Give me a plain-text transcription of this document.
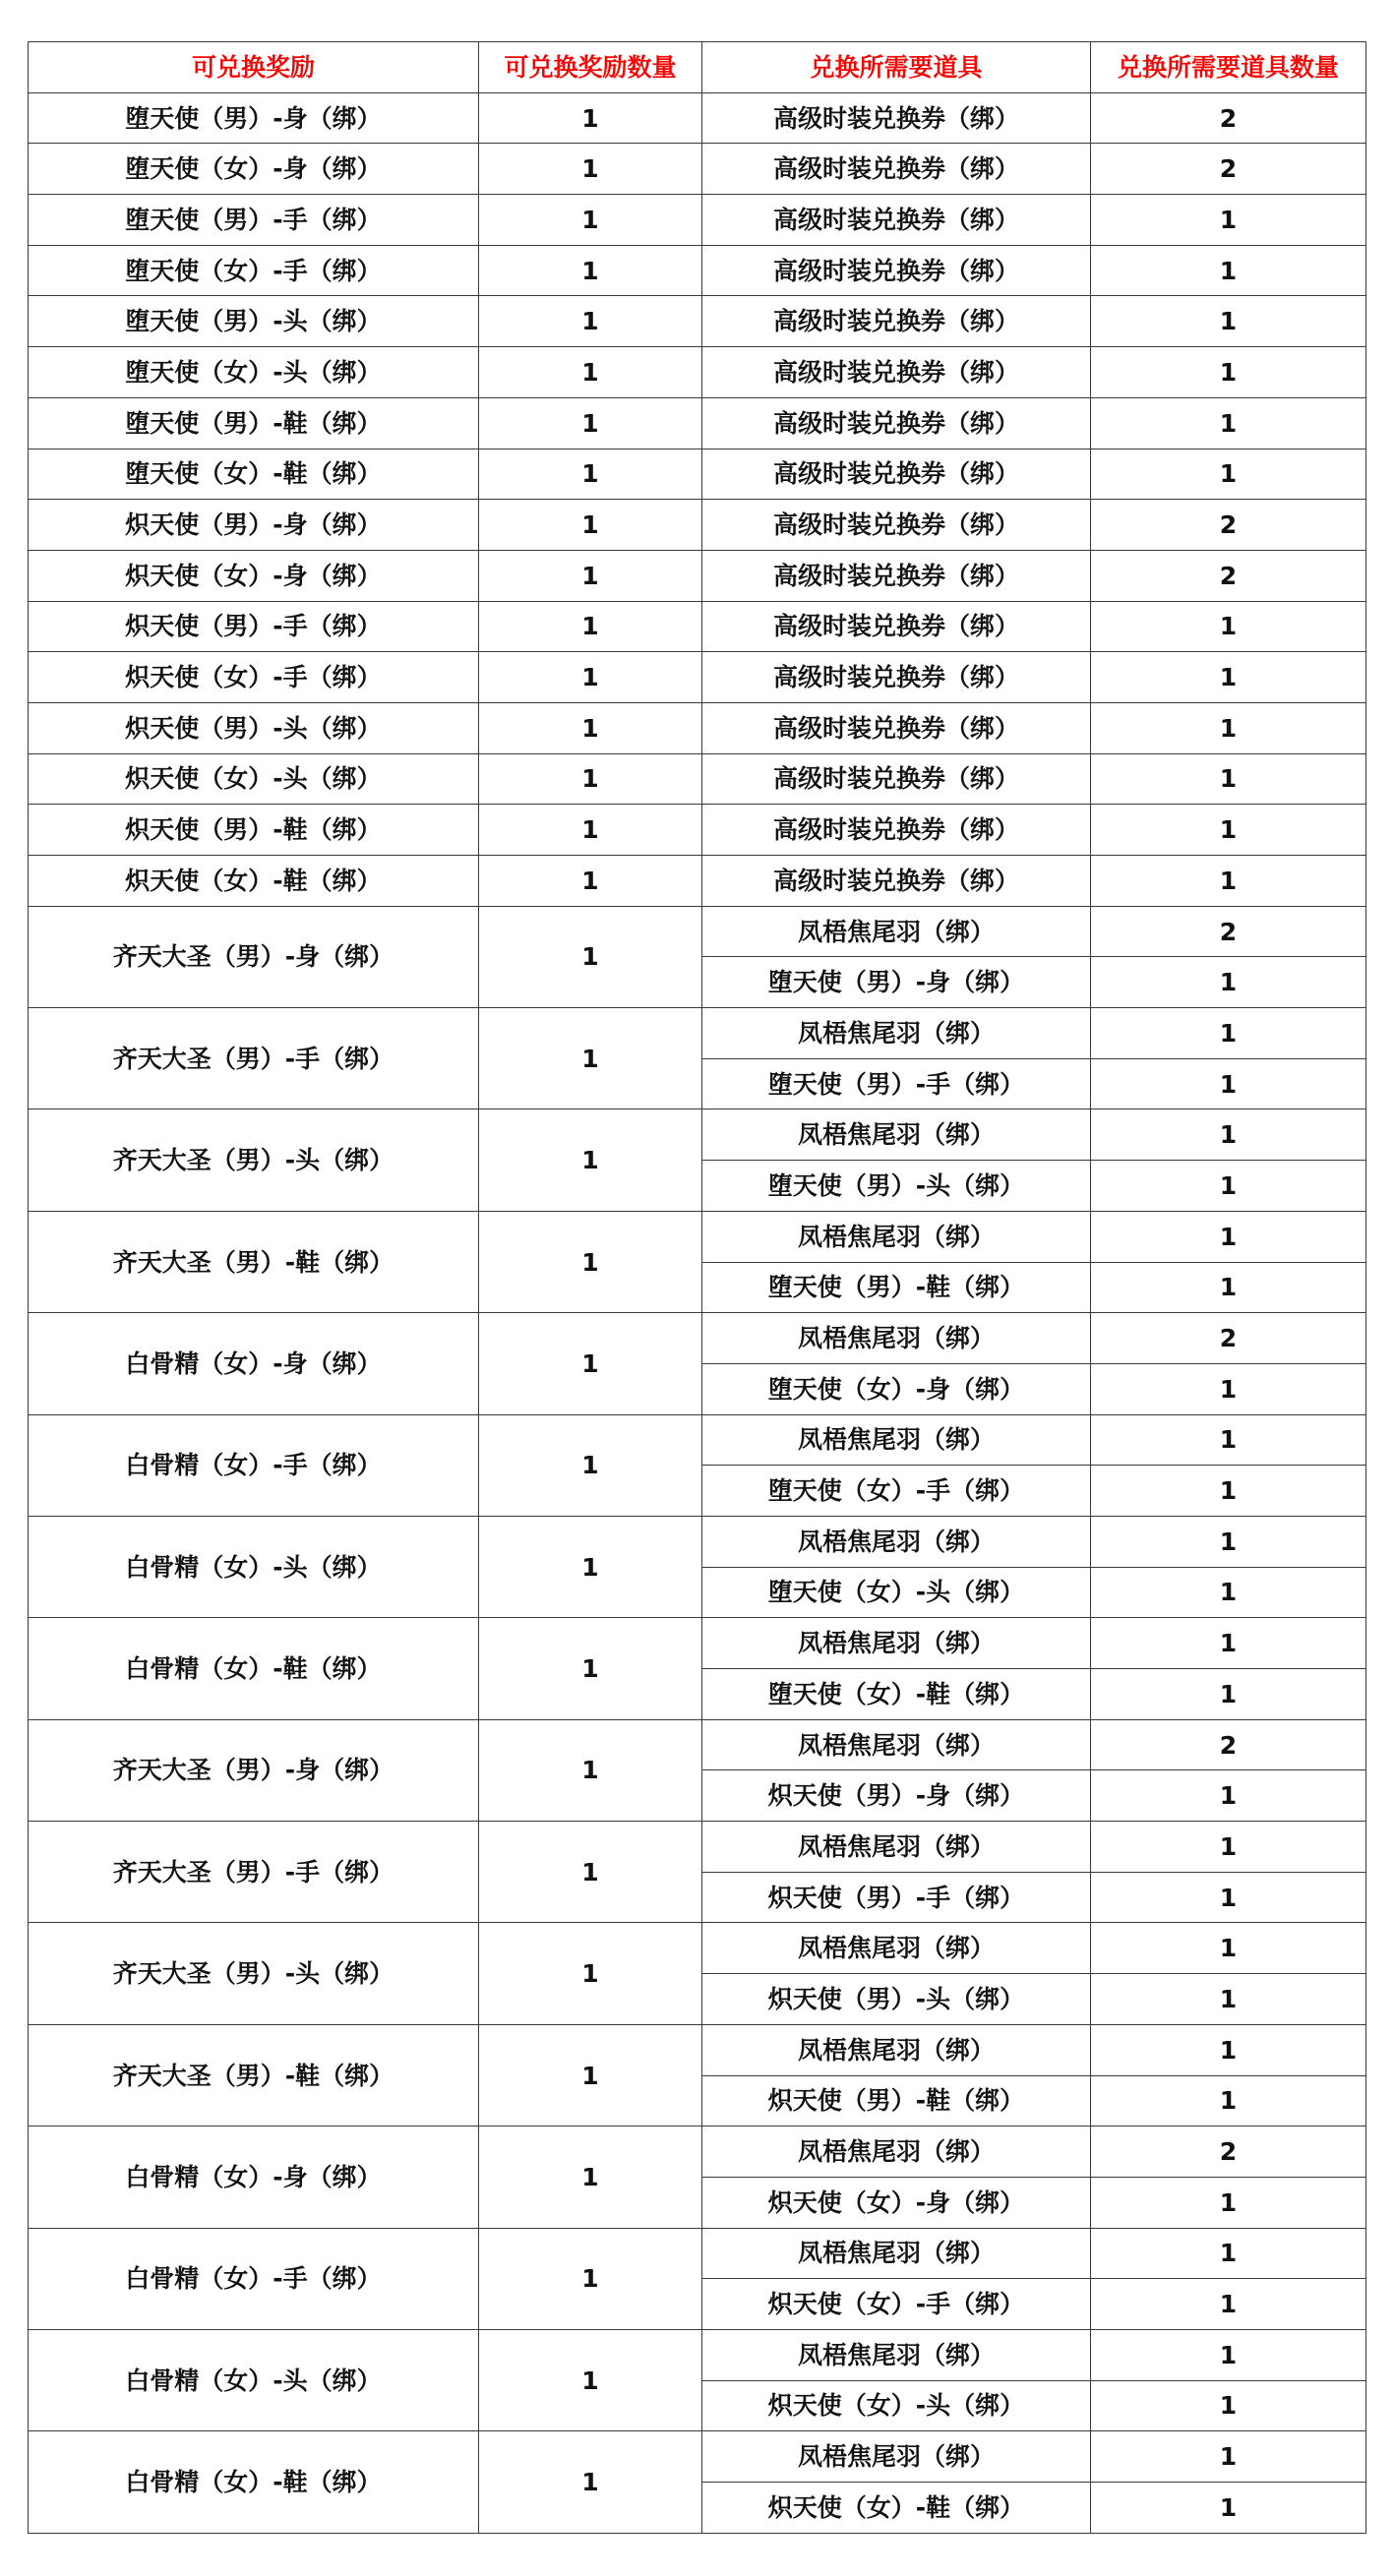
可兑换奖励	可兑换奖励数量	兑换所需要道具	兑换所需要道具数量
堕天使（男）-身（绑）	1	高级时装兑换券（绑）	2
堕天使（女）-身（绑）	1	高级时装兑换券（绑）	2
堕天使（男）-手（绑）	1	高级时装兑换券（绑）	1
堕天使（女）-手（绑）	1	高级时装兑换券（绑）	1
堕天使（男）-头（绑）	1	高级时装兑换券（绑）	1
堕天使（女）-头（绑）	1	高级时装兑换券（绑）	1
堕天使（男）-鞋（绑）	1	高级时装兑换券（绑）	1
堕天使（女）-鞋（绑）	1	高级时装兑换券（绑）	1
炽天使（男）-身（绑）	1	高级时装兑换券（绑）	2
炽天使（女）-身（绑）	1	高级时装兑换券（绑）	2
炽天使（男）-手（绑）	1	高级时装兑换券（绑）	1
炽天使（女）-手（绑）	1	高级时装兑换券（绑）	1
炽天使（男）-头（绑）	1	高级时装兑换券（绑）	1
炽天使（女）-头（绑）	1	高级时装兑换券（绑）	1
炽天使（男）-鞋（绑）	1	高级时装兑换券（绑）	1
炽天使（女）-鞋（绑）	1	高级时装兑换券（绑）	1
齐天大圣（男）-身（绑）	1	凤梧焦尾羽（绑）	2
		堕天使（男）-身（绑）	1
齐天大圣（男）-手（绑）	1	凤梧焦尾羽（绑）	1
		堕天使（男）-手（绑）	1
齐天大圣（男）-头（绑）	1	凤梧焦尾羽（绑）	1
		堕天使（男）-头（绑）	1
齐天大圣（男）-鞋（绑）	1	凤梧焦尾羽（绑）	1
		堕天使（男）-鞋（绑）	1
白骨精（女）-身（绑）	1	凤梧焦尾羽（绑）	2
		堕天使（女）-身（绑）	1
白骨精（女）-手（绑）	1	凤梧焦尾羽（绑）	1
		堕天使（女）-手（绑）	1
白骨精（女）-头（绑）	1	凤梧焦尾羽（绑）	1
		堕天使（女）-头（绑）	1
白骨精（女）-鞋（绑）	1	凤梧焦尾羽（绑）	1
		堕天使（女）-鞋（绑）	1
齐天大圣（男）-身（绑）	1	凤梧焦尾羽（绑）	2
		炽天使（男）-身（绑）	1
齐天大圣（男）-手（绑）	1	凤梧焦尾羽（绑）	1
		炽天使（男）-手（绑）	1
齐天大圣（男）-头（绑）	1	凤梧焦尾羽（绑）	1
		炽天使（男）-头（绑）	1
齐天大圣（男）-鞋（绑）	1	凤梧焦尾羽（绑）	1
		炽天使（男）-鞋（绑）	1
白骨精（女）-身（绑）	1	凤梧焦尾羽（绑）	2
		炽天使（女）-身（绑）	1
白骨精（女）-手（绑）	1	凤梧焦尾羽（绑）	1
		炽天使（女）-手（绑）	1
白骨精（女）-头（绑）	1	凤梧焦尾羽（绑）	1
		炽天使（女）-头（绑）	1
白骨精（女）-鞋（绑）	1	凤梧焦尾羽（绑）	1
		炽天使（女）-鞋（绑）	1
